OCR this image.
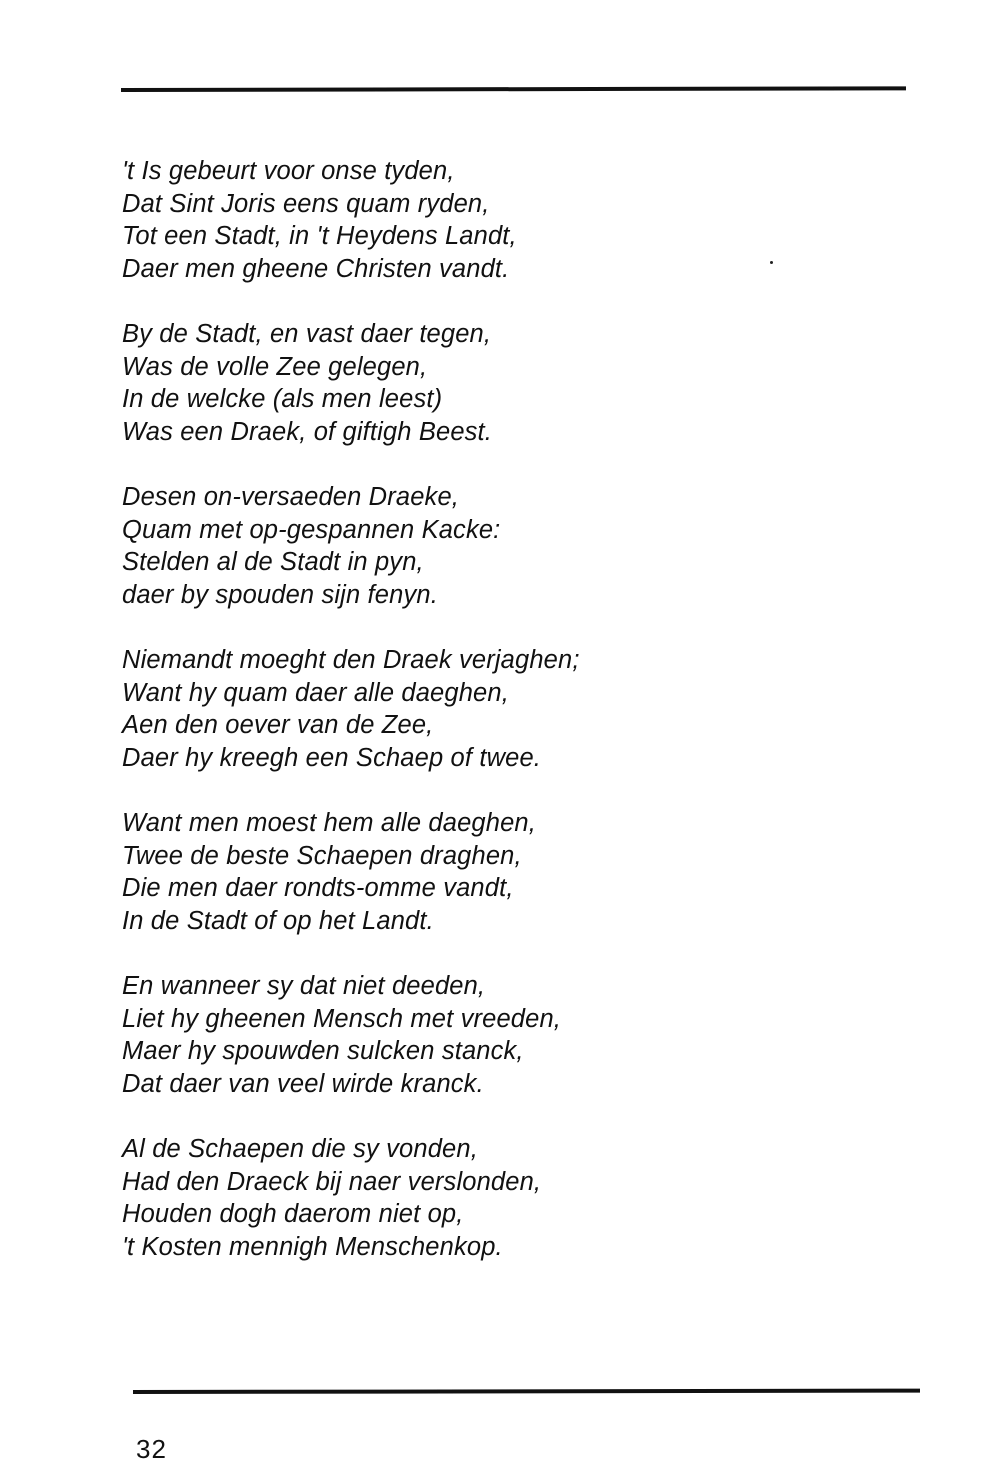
't Is gebeurt voor onse tyden,
Dat Sint Joris eens quam ryden,
Tot een Stadt, in 't Heydens Landt,
Daer men gheene Christen vandt.
By de Stadt, en vast daer tegen,
Was de volle Zee gelegen,
In de welcke (als men leest)
Was een Draek, of giftigh Beest.
Desen on-versaeden Draeke,
Quam met op-gespannen Kacke:
Stelden al de Stadt in pyn,
daer by spouden sijn fenyn.
Niemandt moeght den Draek verjaghen;
Want hy quam daer alle daeghen,
Aen den oever van de Zee,
Daer hy kreegh een Schaep of twee.
Want men moest hem alle daeghen,
Twee de beste Schaepen draghen,
Die men daer rondts-omme vandt,
In de Stadt of op het Landt.
En wanneer sy dat niet deeden,
Liet hy gheenen Mensch met vreeden,
Maer hy spouwden sulcken stanck,
Dat daer van veel wirde kranck.
Al de Schaepen die sy vonden,
Had den Draeck bij naer verslonden,
Houden dogh daerom niet op,
't Kosten mennigh Menschenkop.
32
